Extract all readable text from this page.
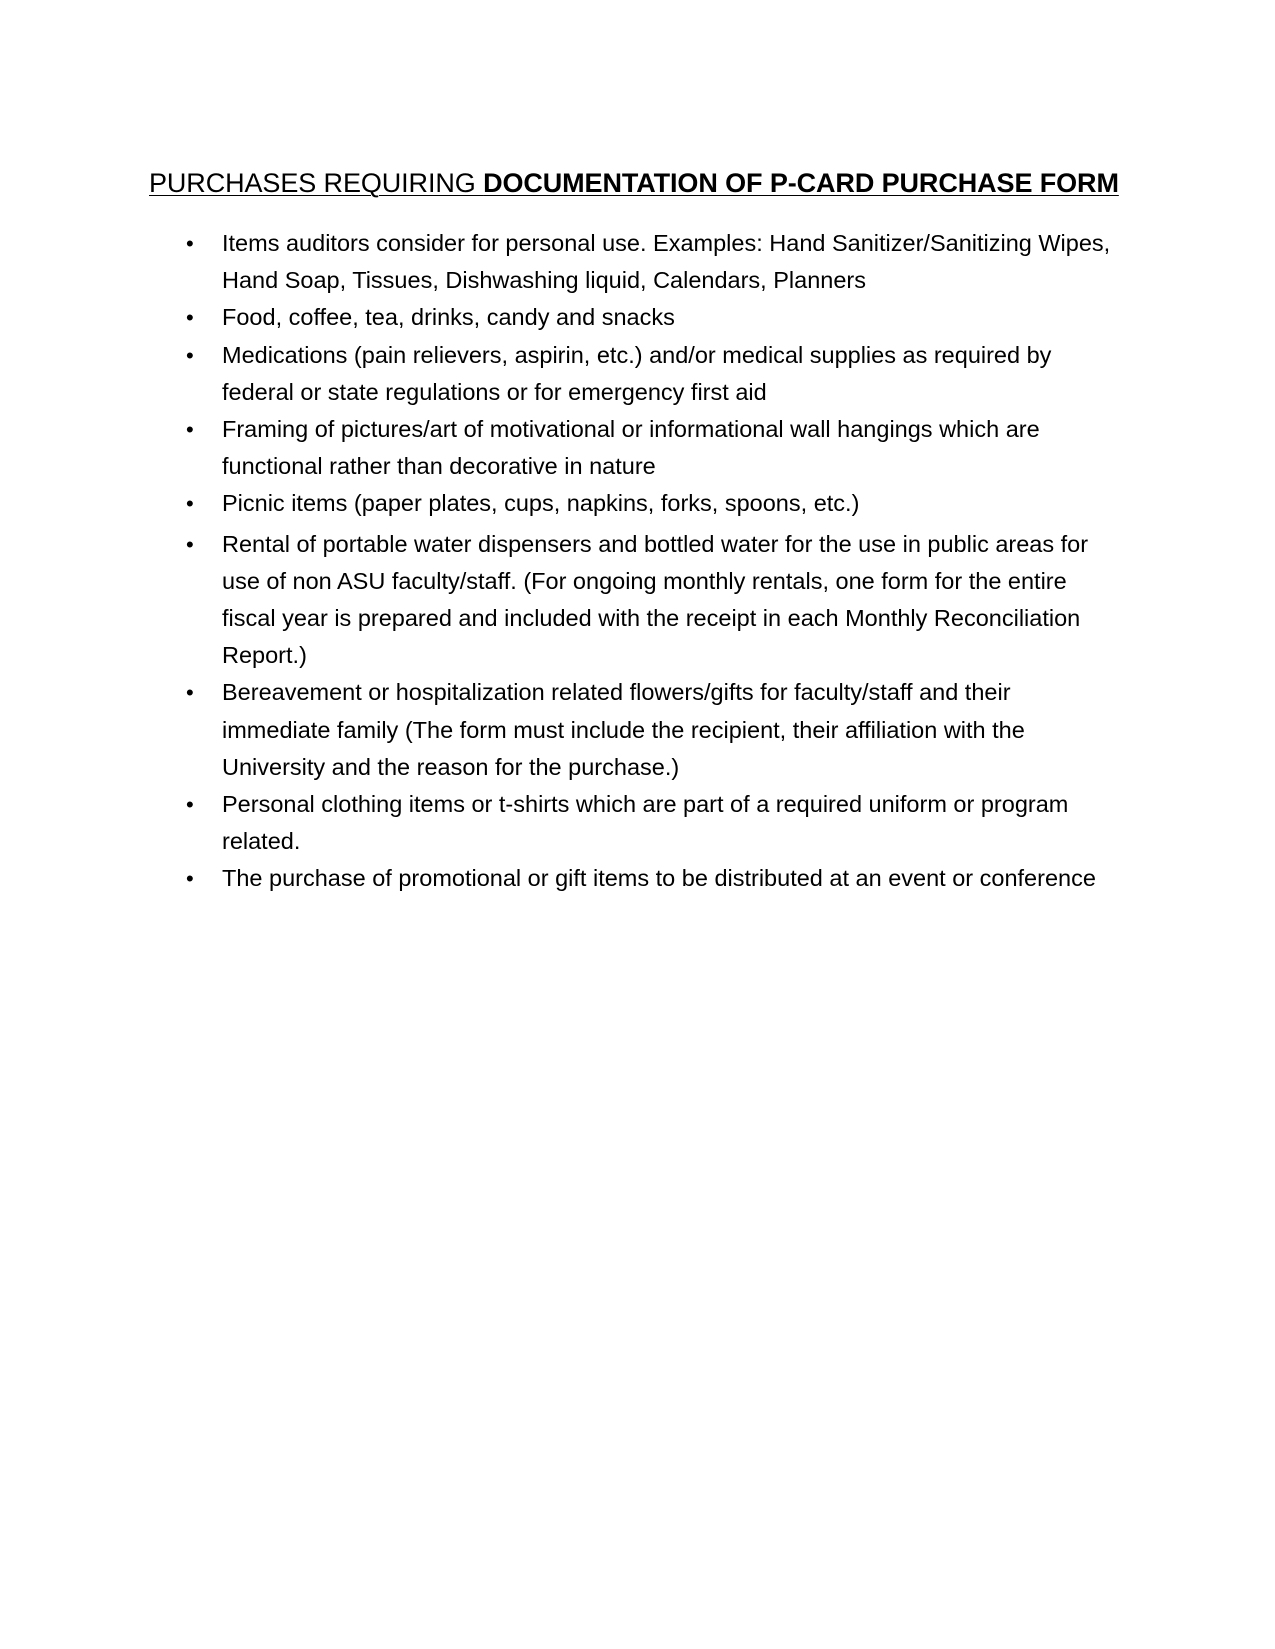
PURCHASES REQUIRING DOCUMENTATION OF P-CARD PURCHASE FORM
• Items auditors consider for personal use. Examples: Hand Sanitizer/Sanitizing Wipes, Hand Soap, Tissues, Dishwashing liquid, Calendars, Planners
• Food, coffee, tea, drinks, candy and snacks
• Medications (pain relievers, aspirin, etc.) and/or medical supplies as required by federal or state regulations or for emergency first aid
• Framing of pictures/art of motivational or informational wall hangings which are functional rather than decorative in nature
• Picnic items (paper plates, cups, napkins, forks, spoons, etc.)
• Rental of portable water dispensers and bottled water for the use in public areas for use of non ASU faculty/staff. (For ongoing monthly rentals, one form for the entire fiscal year is prepared and included with the receipt in each Monthly Reconciliation Report.)
• Bereavement or hospitalization related flowers/gifts for faculty/staff and their immediate family (The form must include the recipient, their affiliation with the University and the reason for the purchase.)
• Personal clothing items or t-shirts which are part of a required uniform or program related.
• The purchase of promotional or gift items to be distributed at an event or conference
